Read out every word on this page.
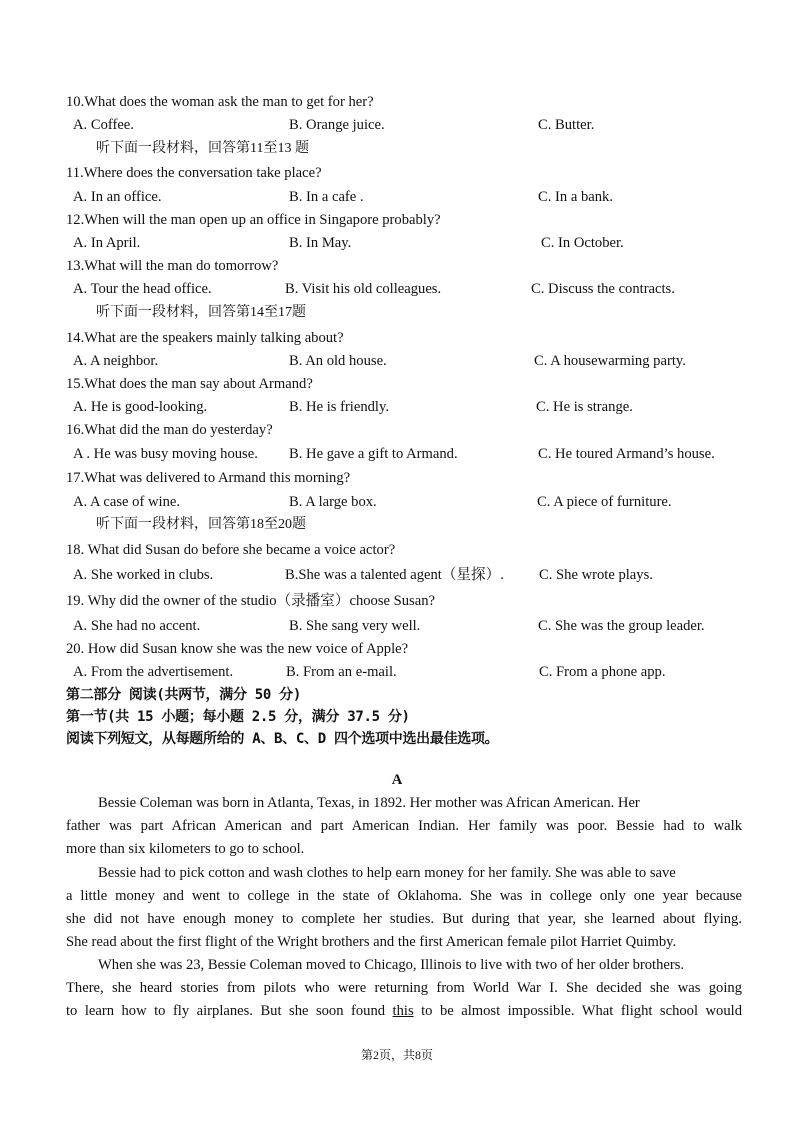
10.What does the woman ask the man to get for her?
A. Coffee.	B. Orange juice.	C. Butter.
听下面一段材料，回答第11至13 题
11.Where does the conversation take place?
A. In an office.	B. In a cafe .	C. In a bank.
12.When will the man open up an office in Singapore probably?
A. In April.	B. In May.	C. In October.
13.What will the man do tomorrow?
A. Tour the head office.	B. Visit his old colleagues.	C. Discuss the contracts.
听下面一段材料，回答第14至17题
14.What are the speakers mainly talking about?
A. A neighbor.	B. An old house.	C. A housewarming party.
15.What does the man say about Armand?
A. He is good-looking.	B. He is friendly.	C. He is strange.
16.What did the man do yesterday?
A . He was busy moving house. B. He gave a gift to Armand.	C. He toured Armand’s house.
17.What was delivered to Armand this morning?
A. A case of wine.	B. A large box.	C. A piece of furniture.
听下面一段材料，回答第18至20题
18. What did Susan do before she became a voice actor?
A. She worked in clubs.	B.She was a talented agent（星探）. C. She wrote plays.
19. Why did the owner of the studio（录播室）choose Susan?
A. She had no accent.	B. She sang very well.	C. She was the group leader.
20. How did Susan know she was the new voice of Apple?
A. From the advertisement.	B. From an e-mail.	C. From a phone app.
第二部分 阅读(共两节，满分 50 分)
第一节(共 15 小题；每小题 2.5 分，满分 37.5 分)
阅读下列短文，从每题所给的 A、B、C、D 四个选项中选出最佳选项。
A
Bessie Coleman was born in Atlanta, Texas, in 1892. Her mother was African American. Her
father was part African American and part American Indian. Her family was poor. Bessie had to walk
more than six kilometers to go to school.
Bessie had to pick cotton and wash clothes to help earn money for her family. She was able to save
a little money and went to college in the state of Oklahoma. She was in college only one year because
she did not have enough money to complete her studies. But during that year, she learned about flying.
She read about the first flight of the Wright brothers and the first American female pilot Harriet Quimby.
When she was 23, Bessie Coleman moved to Chicago, Illinois to live with two of her older brothers.
There, she heard stories from pilots who were returning from World War I. She decided she was going
to learn how to fly airplanes. But she soon found this to be almost impossible. What flight school would
第2页，共8页
